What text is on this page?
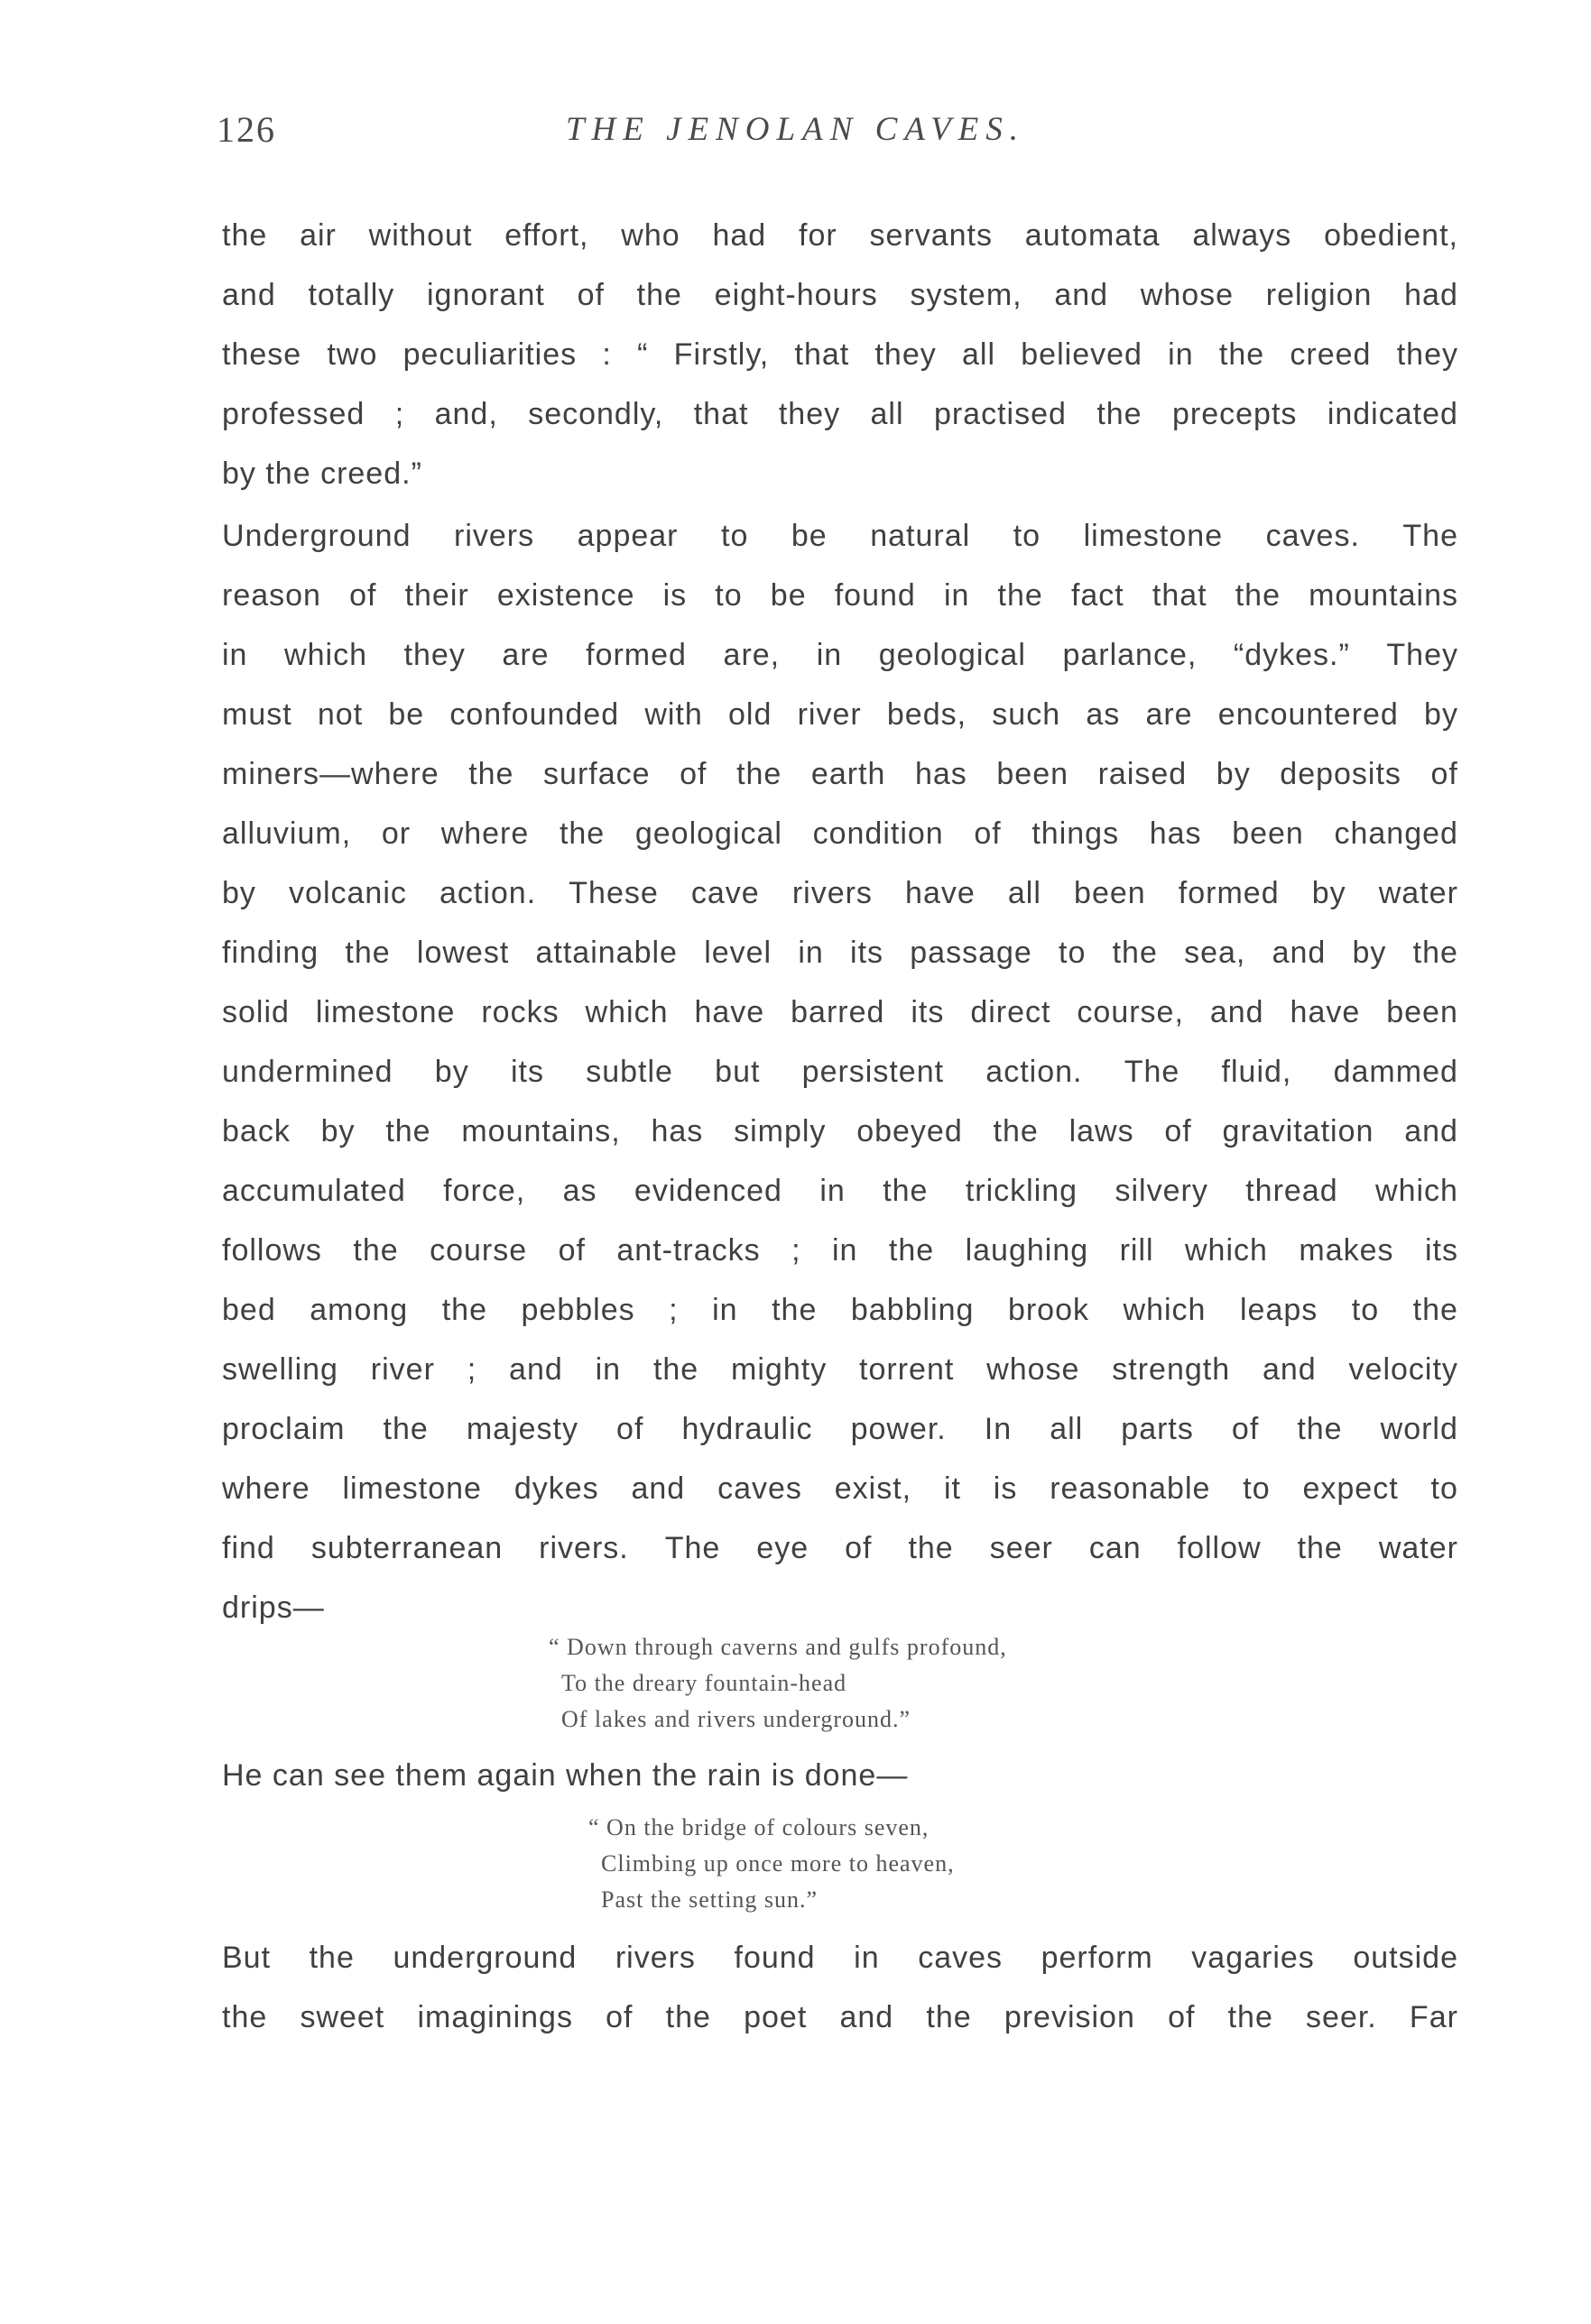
126	THE JENOLAN CAVES.
the air without effort, who had for servants automata always obedient,
and totally ignorant of the eight-hours system, and whose religion had
these two peculiarities : “ Firstly, that they all believed in the creed they
professed ; and, secondly, that they all practised the precepts indicated
by the creed.”
Underground rivers appear to be natural to limestone caves. The
reason of their existence is to be found in the fact that the mountains
in which they are formed are, in geological parlance, “dykes.” They
must not be confounded with old river beds, such as are encountered by
miners—where the surface of the earth has been raised by deposits of
alluvium, or where the geological condition of things has been changed
by volcanic action. These cave rivers have all been formed by water
finding the lowest attainable level in its passage to the sea, and by the
solid limestone rocks which have barred its direct course, and have been
undermined by its subtle but persistent action. The fluid, dammed
back by the mountains, has simply obeyed the laws of gravitation and
accumulated force, as evidenced in the trickling silvery thread which
follows the course of ant-tracks ; in the laughing rill which makes its
bed among the pebbles ; in the babbling brook which leaps to the
swelling river ; and in the mighty torrent whose strength and velocity
proclaim the majesty of hydraulic power. In all parts of the world
where limestone dykes and caves exist, it is reasonable to expect to
find subterranean rivers. The eye of the seer can follow the water
drips—
“ Down through caverns and gulfs profound,
To the dreary fountain-head
Of lakes and rivers underground.”
He can see them again when the rain is done—
“ On the bridge of colours seven,
Climbing up once more to heaven,
Past the setting sun.”
But the underground rivers found in caves perform vagaries outside
the sweet imaginings of the poet and the prevision of the seer. Far
